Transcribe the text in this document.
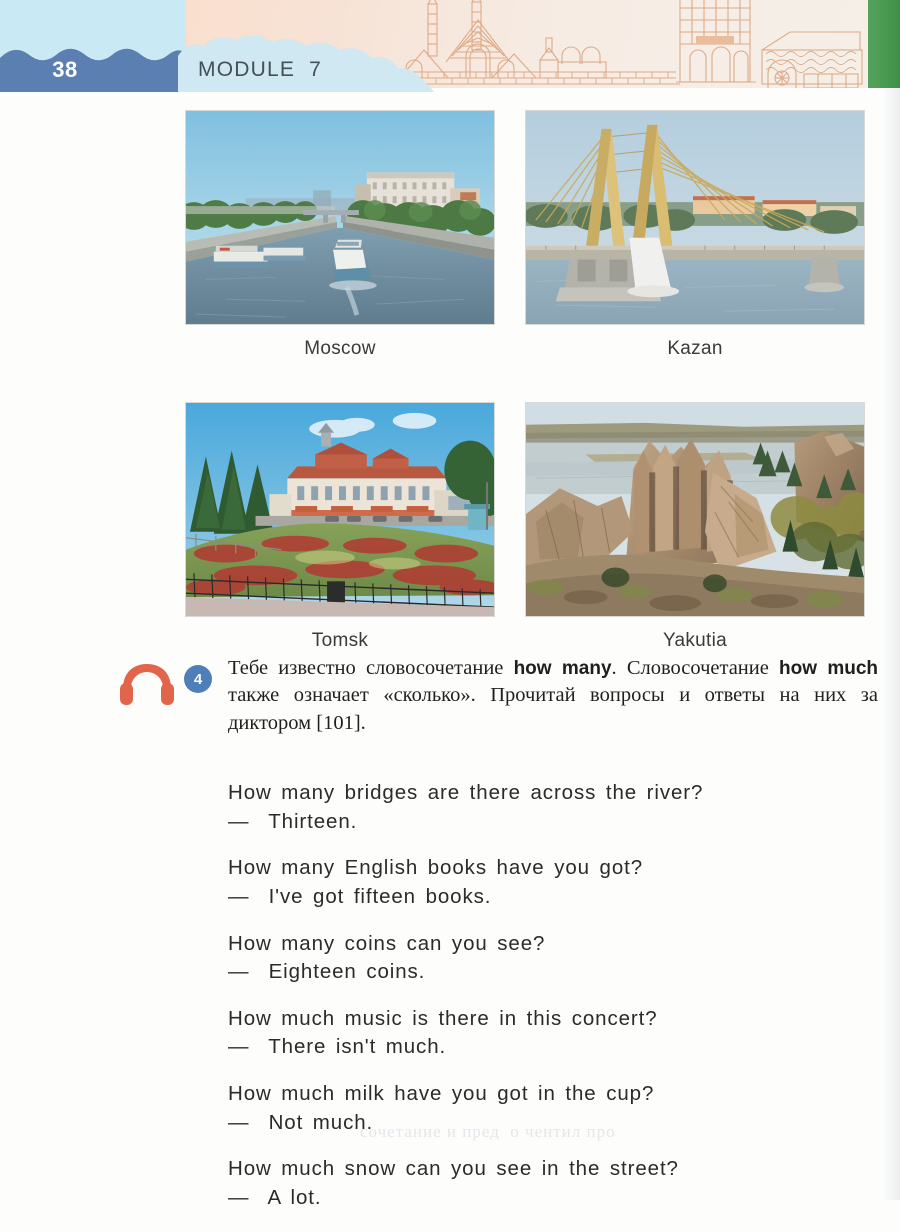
38	MODULE  7
Moscow	Kazan
Tomsk	Yakutia
4	Тебе известно словосочетание how many. Словосочетание how much также означает «сколько». Прочитай вопросы и ответы на них за диктором [101].
How many bridges are there across the river?
—  Thirteen.
How many English books have you got?
—  I've got fifteen books.
How many coins can you see?
—  Eighteen coins.
How much music is there in this concert?
—  There isn't much.
How much milk have you got in the cup?
—  Not much.
How much snow can you see in the street?
—  A lot.
сочетание и пред  о чентил про
